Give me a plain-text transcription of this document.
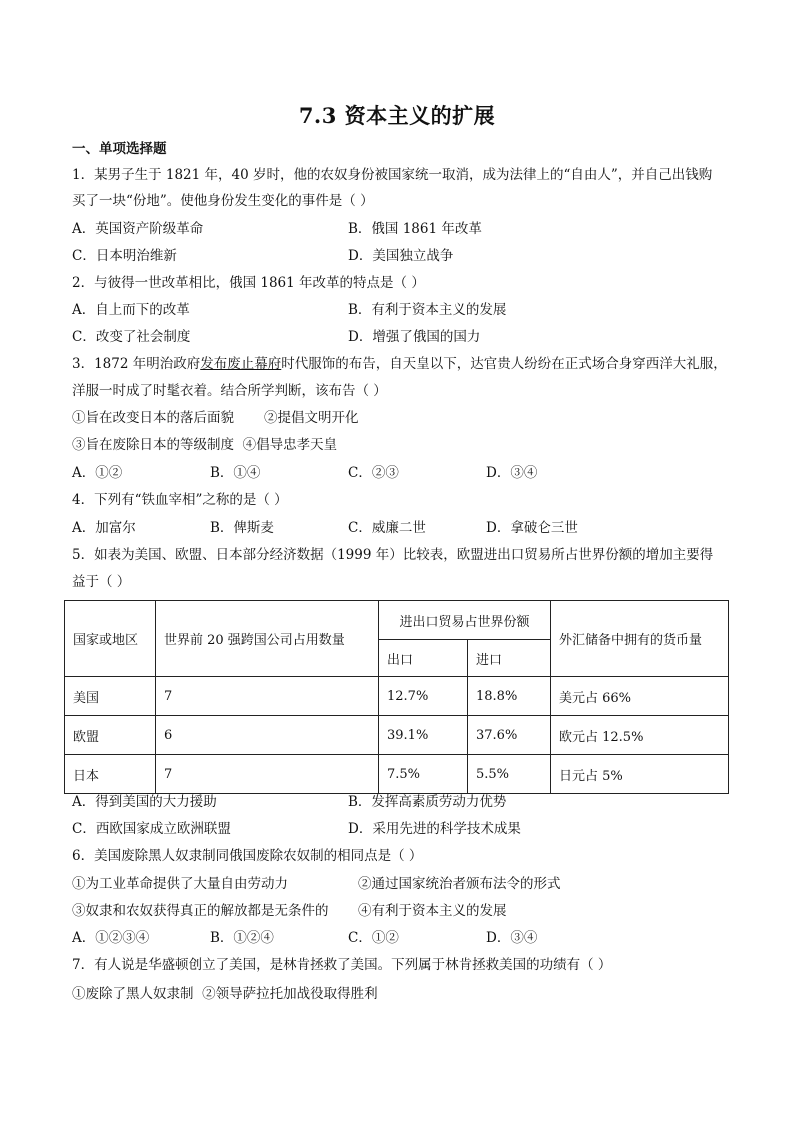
7.3 资本主义的扩展
一、单项选择题
1．某男子生于 1821 年，40 岁时，他的农奴身份被国家统一取消，成为法律上的“自由人”，并自己出钱购
买了一块“份地”。使他身份发生变化的事件是（ ）
A．英国资产阶级革命	B．俄国 1861 年改革
C．日本明治维新	D．美国独立战争
2．与彼得一世改革相比，俄国 1861 年改革的特点是（ ）
A．自上而下的改革	B．有利于资本主义的发展
C．改变了社会制度	D．增强了俄国的国力
3．1872 年明治政府发布废止幕府时代服饰的布告，自天皇以下，达官贵人纷纷在正式场合身穿西洋大礼服，
洋服一时成了时髦衣着。结合所学判断，该布告（ ）
①旨在改变日本的落后面貌       ②提倡文明开化
③旨在废除日本的等级制度  ④倡导忠孝天皇
A．①②	B．①④	C．②③	D．③④
4．下列有“铁血宰相”之称的是（ ）
A．加富尔	B．俾斯麦	C．威廉二世	D．拿破仑三世
5．如表为美国、欧盟、日本部分经济数据（1999 年）比较表，欧盟进出口贸易所占世界份额的增加主要得
益于（ ）
国家或地区	世界前 20 强跨国公司占用数量	进出口贸易占世界份额		外汇储备中拥有的货币量
		出口	进口	
美国	7	12.7%	18.8%	美元占 66%
欧盟	6	39.1%	37.6%	欧元占 12.5%
日本	7	7.5%	5.5%	日元占 5%
A．得到美国的大力援助	B．发挥高素质劳动力优势
C．西欧国家成立欧洲联盟	D．采用先进的科学技术成果
6．美国废除黑人奴隶制同俄国废除农奴制的相同点是（ ）
①为工业革命提供了大量自由劳动力	②通过国家统治者颁布法令的形式
③奴隶和农奴获得真正的解放都是无条件的 ④有利于资本主义的发展
A．①②③④	B．①②④	C．①②	D．③④
7．有人说是华盛顿创立了美国，是林肯拯救了美国。下列属于林肯拯救美国的功绩有（ ）
①废除了黑人奴隶制  ②领导萨拉托加战役取得胜利
